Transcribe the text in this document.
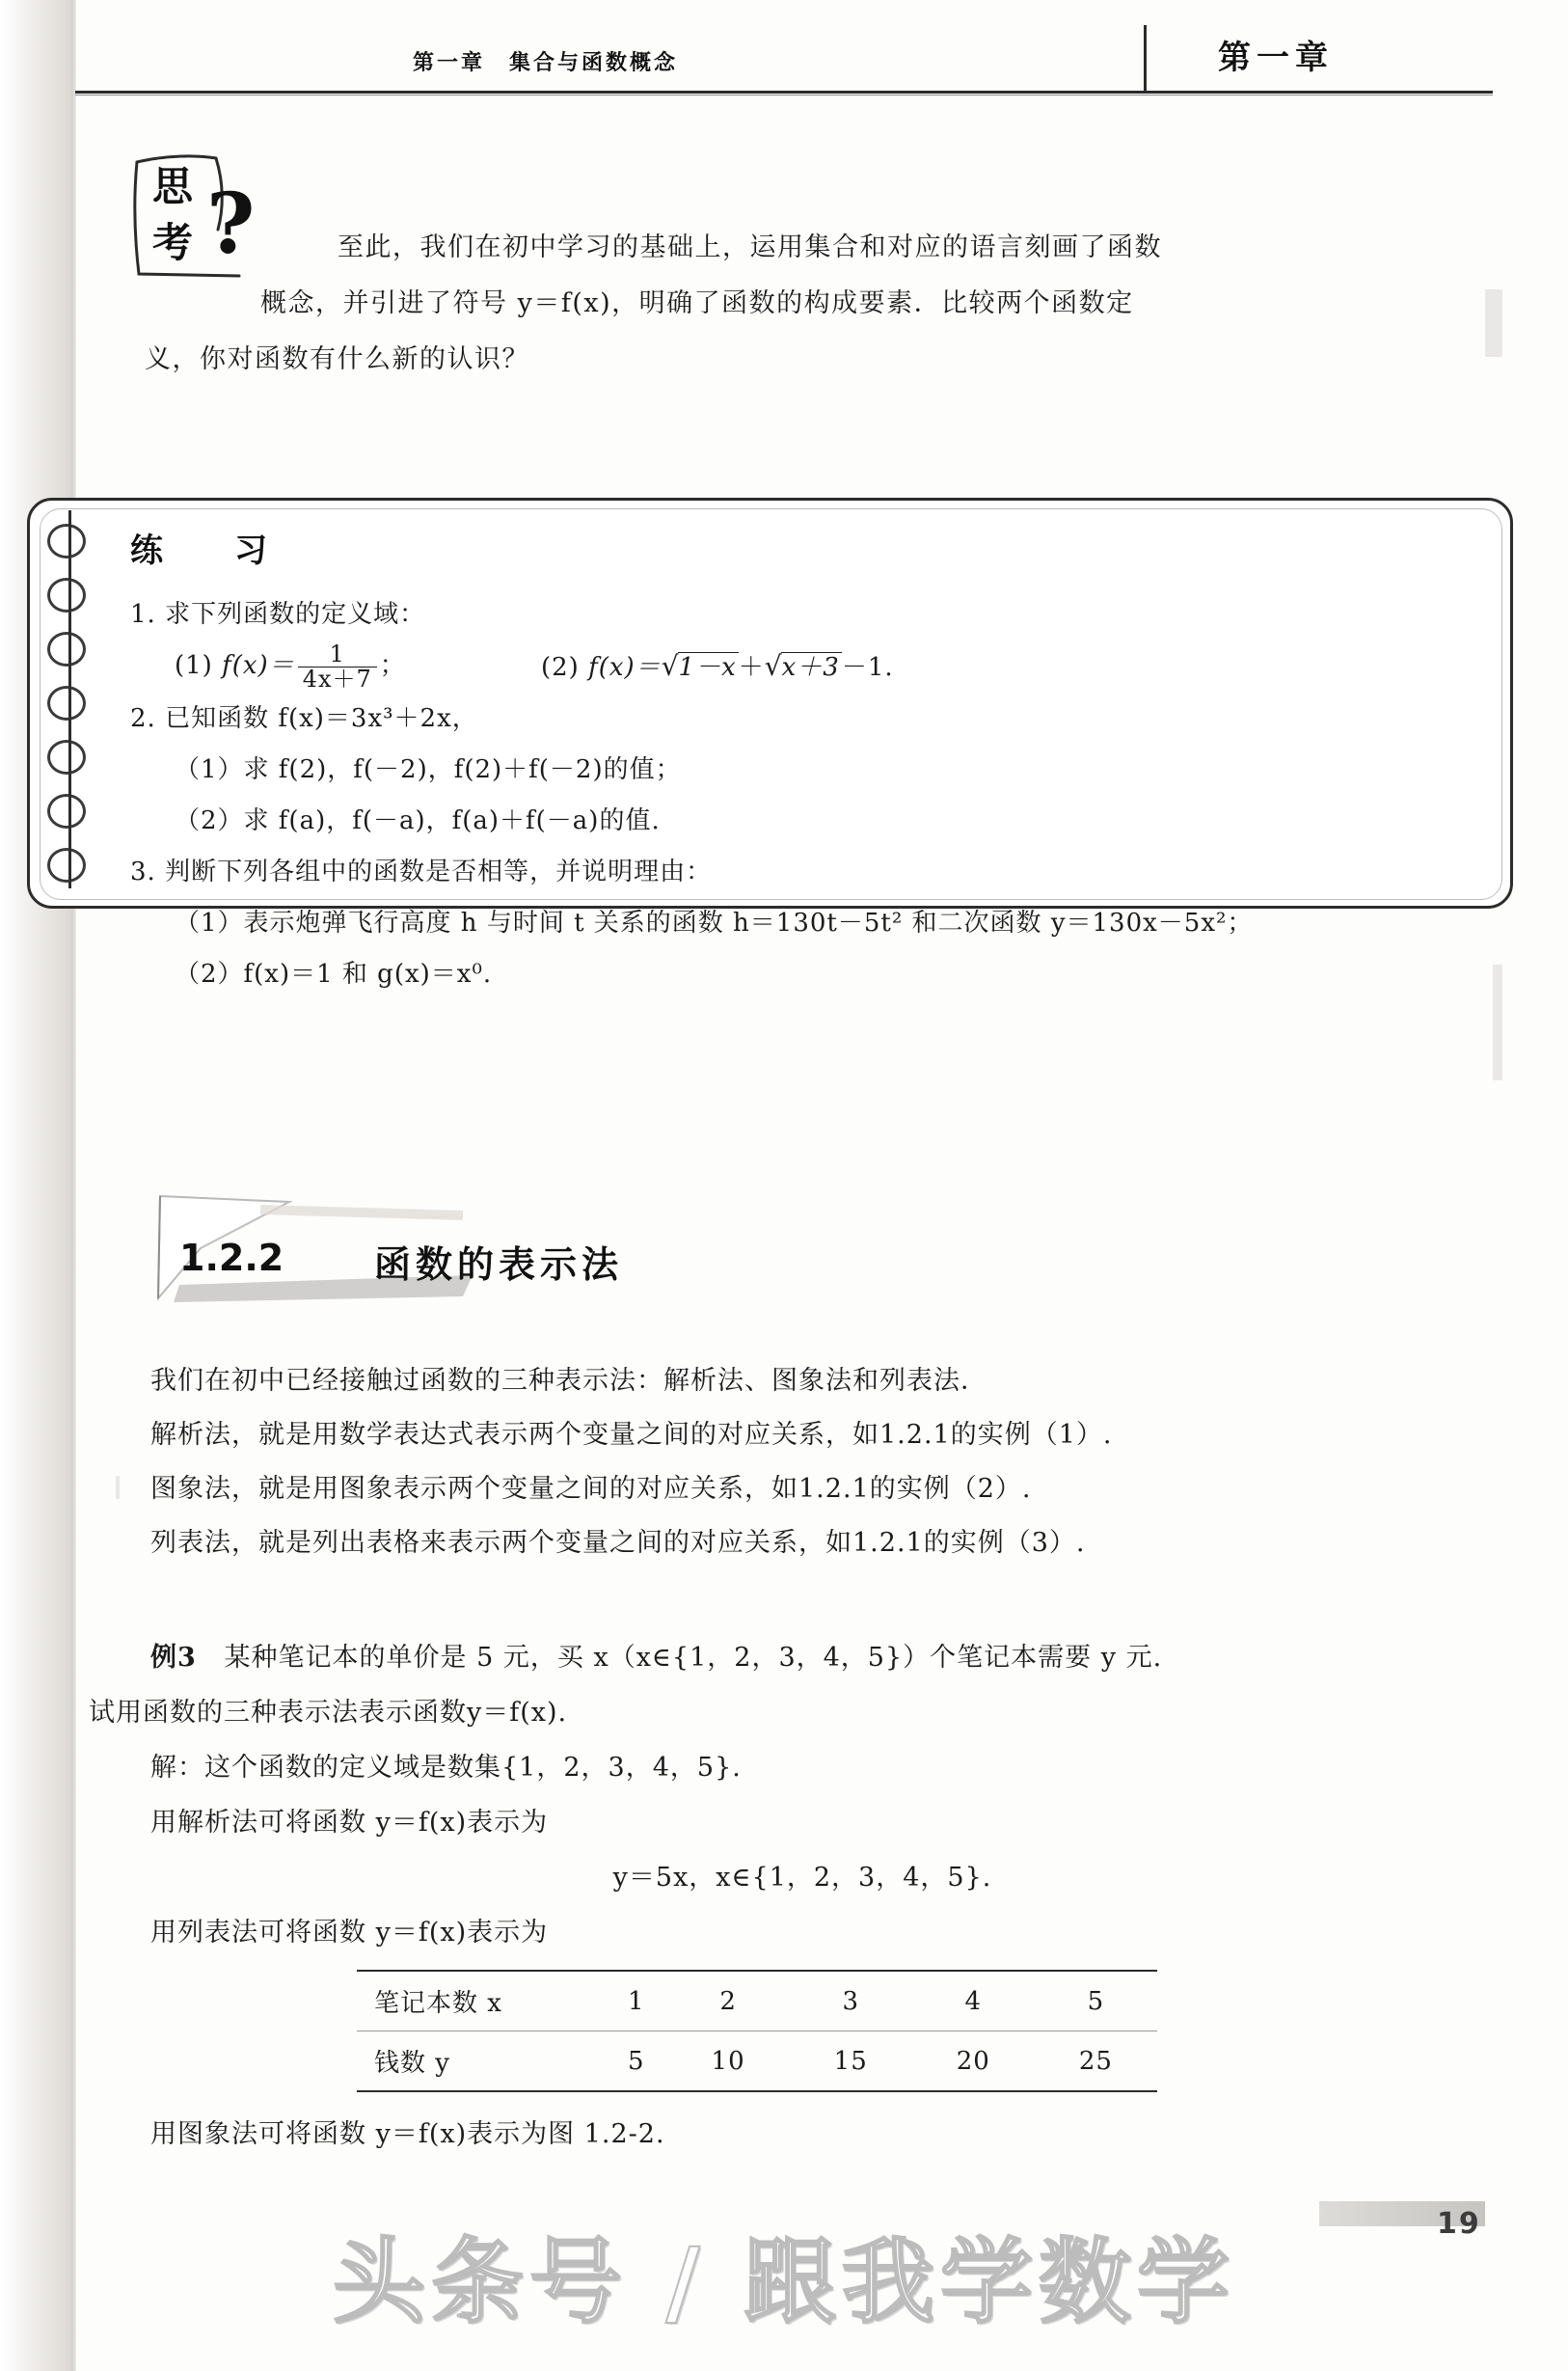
第一章　集合与函数概念	第一章
思
考 ?	至此，我们在初中学习的基础上，运用集合和对应的语言刻画了函数
概念，并引进了符号 y＝f(x)，明确了函数的构成要素．比较两个函数定
义，你对函数有什么新的认识？
练　习
1. 求下列函数的定义域：
(1) $f(x)= \frac{1}{4x+7}$ ；	(2) f(x)＝√1－x＋√x＋3－1.
2. 已知函数 f(x)＝3x³＋2x，
（1）求 f(2)，f(－2)，f(2)＋f(－2)的值；
（2）求 f(a)，f(－a)，f(a)＋f(－a)的值.
3. 判断下列各组中的函数是否相等，并说明理由：
（1）表示炮弹飞行高度 h 与时间 t 关系的函数 h＝130t－5t² 和二次函数 y＝130x－5x²；
（2）f(x)＝1 和 g(x)＝x⁰.
1.2.2 函数的表示法
我们在初中已经接触过函数的三种表示法：解析法、图象法和列表法．
解析法，就是用数学表达式表示两个变量之间的对应关系，如1.2.1的实例（1）.
图象法，就是用图象表示两个变量之间的对应关系，如1.2.1的实例（2）.
列表法，就是列出表格来表示两个变量之间的对应关系，如1.2.1的实例（3）.
例3 某种笔记本的单价是 5 元，买 x（x∈{1，2，3，4，5}）个笔记本需要 y 元.
试用函数的三种表示法表示函数y＝f(x).
解：这个函数的定义域是数集{1，2，3，4，5}.
用解析法可将函数 y＝f(x)表示为
y＝5x，x∈{1，2，3，4，5}.
用列表法可将函数 y＝f(x)表示为
笔记本数 x	1	2	3	4	5
钱数 y	5	10	15	20	25
用图象法可将函数 y＝f(x)表示为图 1.2-2.
19
头条号 / 跟我学数学
